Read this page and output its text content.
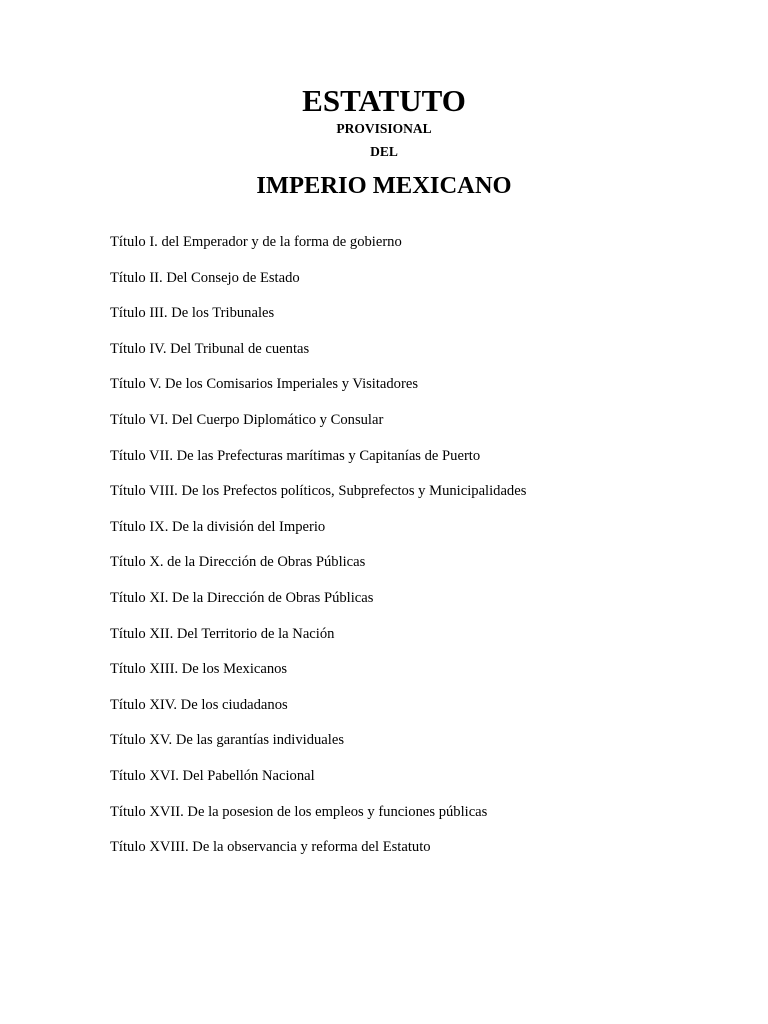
ESTATUTO
PROVISIONAL
DEL
IMPERIO MEXICANO
Título I. del Emperador y de la forma de gobierno
Título II. Del Consejo de Estado
Título III. De los Tribunales
Título IV. Del Tribunal de cuentas
Título V. De los Comisarios Imperiales y Visitadores
Título VI. Del Cuerpo Diplomático y Consular
Título VII. De las Prefecturas marítimas y Capitanías de Puerto
Título VIII. De los Prefectos políticos, Subprefectos y Municipalidades
Título IX. De la división del Imperio
Título X. de la Dirección de Obras Públicas
Título XI. De la Dirección de Obras Públicas
Título XII. Del Territorio de la Nación
Título XIII. De los Mexicanos
Título XIV. De los ciudadanos
Título XV. De las garantías individuales
Título XVI. Del Pabellón Nacional
Título XVII. De la posesion de los empleos y funciones públicas
Título XVIII. De la observancia y reforma del Estatuto
